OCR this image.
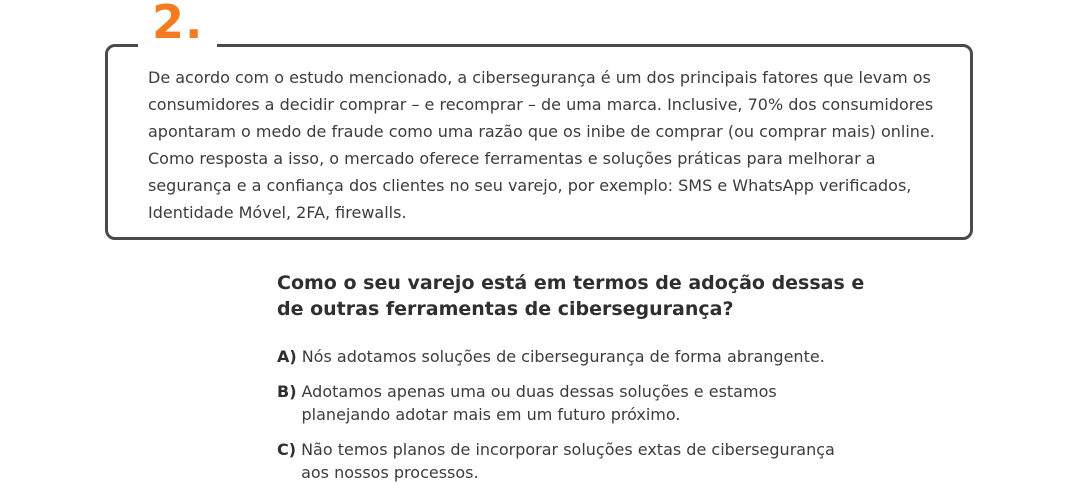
2.

De acordo com o estudo mencionado, a cibersegurança é um dos principais fatores que levam os consumidores a decidir comprar – e recomprar – de uma marca. Inclusive, 70% dos consumidores apontaram o medo de fraude como uma razão que os inibe de comprar (ou comprar mais) online. Como resposta a isso, o mercado oferece ferramentas e soluções práticas para melhorar a segurança e a confiança dos clientes no seu varejo, por exemplo: SMS e WhatsApp verificados, Identidade Móvel, 2FA, firewalls.

Como o seu varejo está em termos de adoção dessas e de outras ferramentas de cibersegurança?
A) Nós adotamos soluções de cibersegurança de forma abrangente.
B) Adotamos apenas uma ou duas dessas soluções e estamos planejando adotar mais em um futuro próximo.
C) Não temos planos de incorporar soluções extas de cibersegurança aos nossos processos.
